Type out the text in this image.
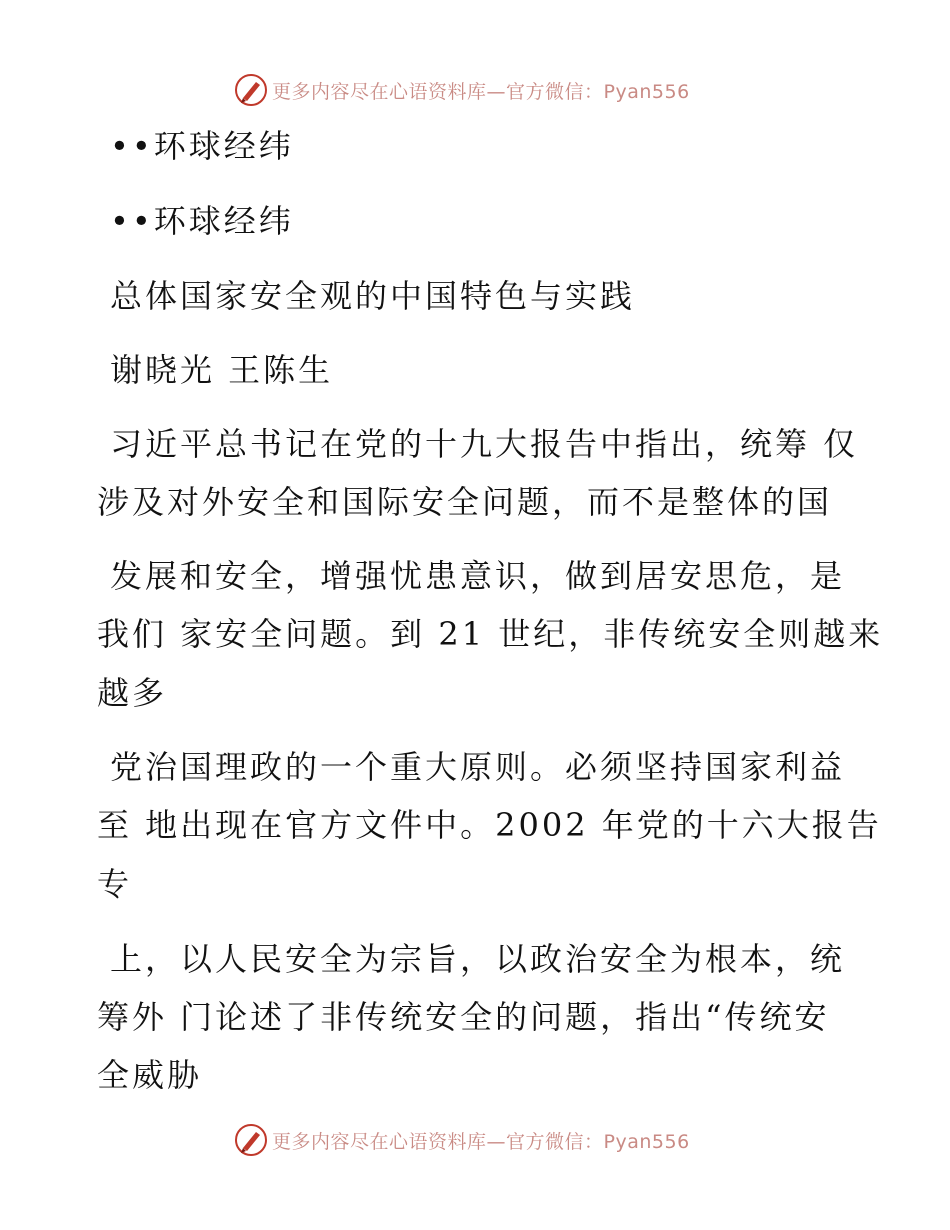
更多内容尽在心语资料库—官方微信：Pyan556
••环球经纬
••环球经纬
总体国家安全观的中国特色与实践
谢晓光 王陈生
习近平总书记在党的十九大报告中指出，统筹 仅
涉及对外安全和国际安全问题，而不是整体的国
发展和安全，增强忧患意识，做到居安思危，是
我们 家安全问题。到 21 世纪，非传统安全则越来
越多
党治国理政的一个重大原则。必须坚持国家利益
至 地出现在官方文件中。2002 年党的十六大报告
专
上，以人民安全为宗旨，以政治安全为根本，统
筹外 门论述了非传统安全的问题，指出“传统安
全威胁
更多内容尽在心语资料库—官方微信：Pyan556
